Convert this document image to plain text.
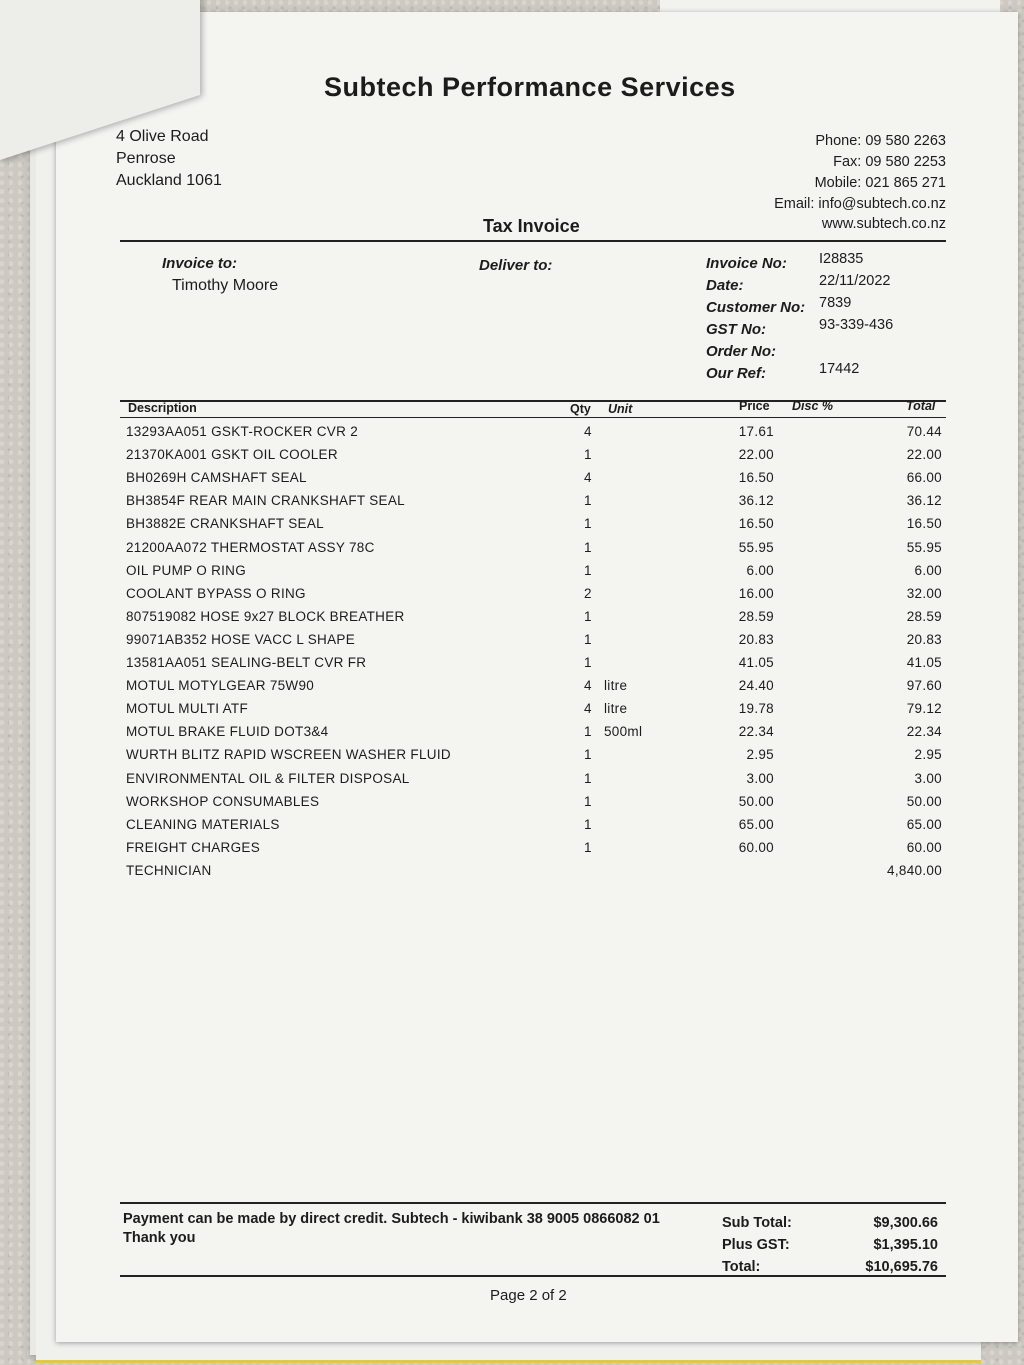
Subtech Performance Services
4 Olive Road
Penrose
Auckland 1061
Phone: 09 580 2263
Fax: 09 580 2253
Mobile: 021 865 271
Email: info@subtech.co.nz
www.subtech.co.nz
Tax Invoice
Invoice to:
Timothy Moore
Deliver to:	Invoice No: I28835
Date:	22/11/2022
Customer No: 7839
GST No:	93-339-436
Order No:
Our Ref:	17442
Description	Qty Unit	Price Disc %	Total
13293AA051 GSKT-ROCKER CVR 2	4	17.61	70.44
21370KA001 GSKT OIL COOLER	1	22.00	22.00
BH0269H CAMSHAFT SEAL	4	16.50	66.00
BH3854F REAR MAIN CRANKSHAFT SEAL	1	36.12	36.12
BH3882E CRANKSHAFT SEAL	1	16.50	16.50
21200AA072 THERMOSTAT ASSY 78C	1	55.95	55.95
OIL PUMP O RING	1	6.00	6.00
COOLANT BYPASS O RING	2	16.00	32.00
807519082 HOSE 9x27 BLOCK BREATHER	1	28.59	28.59
99071AB352 HOSE VACC L SHAPE	1	20.83	20.83
13581AA051 SEALING-BELT CVR FR	1	41.05	41.05
MOTUL MOTYLGEAR 75W90	4 litre	24.40	97.60
MOTUL MULTI ATF	4 litre	19.78	79.12
MOTUL BRAKE FLUID DOT3&4	1 500ml	22.34	22.34
WURTH BLITZ RAPID WSCREEN WASHER FLUID	1	2.95	2.95
ENVIRONMENTAL OIL & FILTER DISPOSAL	1	3.00	3.00
WORKSHOP CONSUMABLES	1	50.00	50.00
CLEANING MATERIALS	1	65.00	65.00
FREIGHT CHARGES	1	60.00	60.00
TECHNICIAN	4,840.00
Payment can be made by direct credit. Subtech - kiwibank 38 9005 0866082 01
Thank you
Sub Total:	$9,300.66
Plus GST:	$1,395.10
Total:	$10,695.76
Page 2 of 2
